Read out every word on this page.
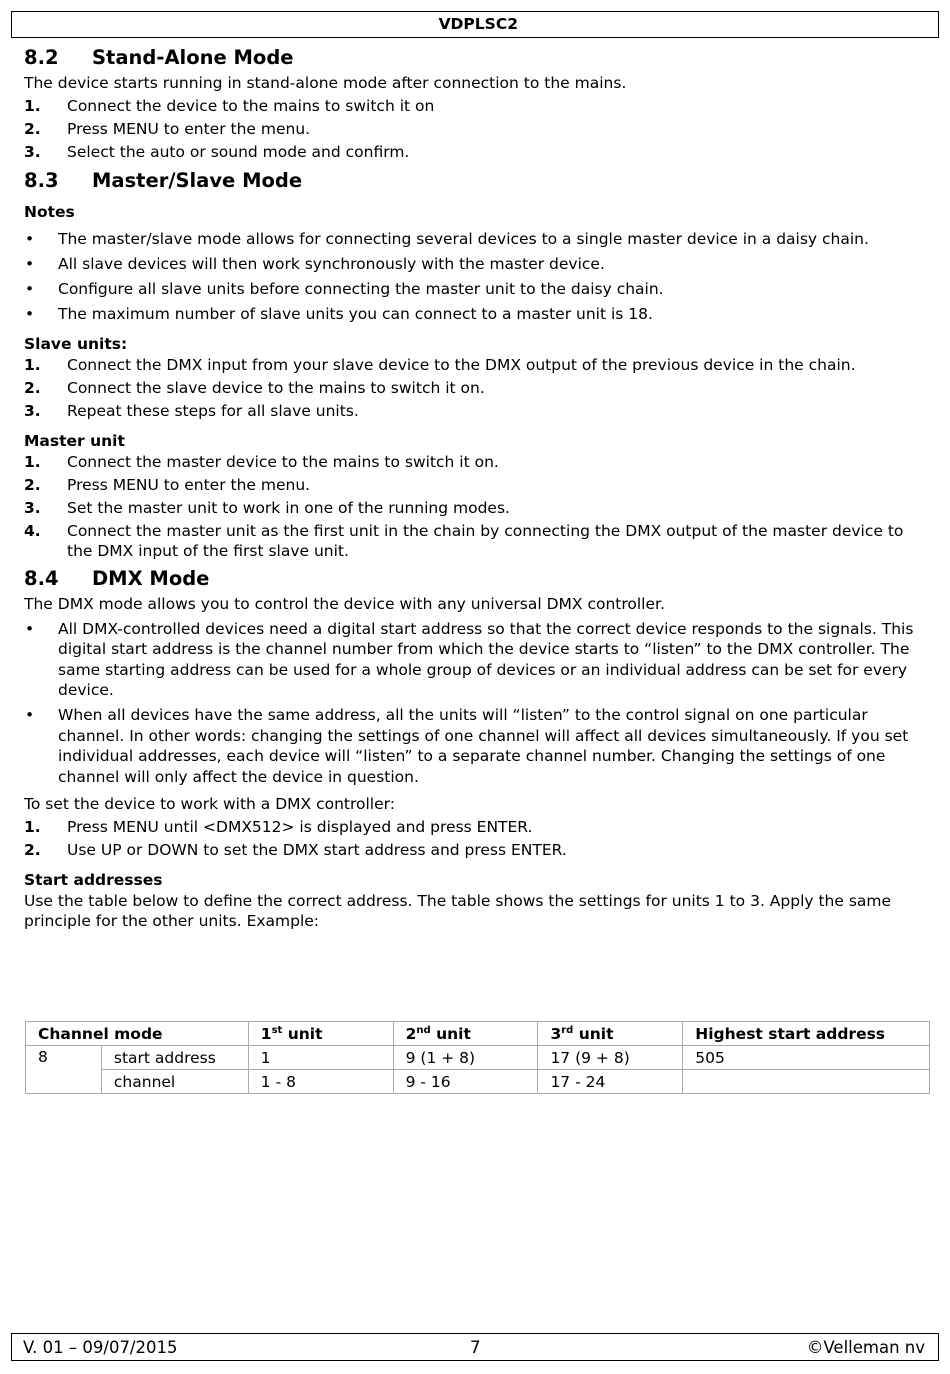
VDPLSC2
8.2	Stand-Alone Mode

The device starts running in stand-alone mode after connection to the mains.

1.	Connect the device to the mains to switch it on
2.	Press MENU to enter the menu.
3.	Select the auto or sound mode and confirm.
8.3	Master/Slave Mode
Notes
•	The master/slave mode allows for connecting several devices to a single master device in a daisy chain.
•	All slave devices will then work synchronously with the master device.
•	Configure all slave units before connecting the master unit to the daisy chain.
•	The maximum number of slave units you can connect to a master unit is 18.
Slave units:
1.	Connect the DMX input from your slave device to the DMX output of the previous device in the chain.
2.	Connect the slave device to the mains to switch it on.
3.	Repeat these steps for all slave units.
Master unit
1.	Connect the master device to the mains to switch it on.
2.	Press MENU to enter the menu.
3.	Set the master unit to work in one of the running modes.
4.	Connect the master unit as the first unit in the chain by connecting the DMX output of the master device to the DMX input of the first slave unit.
8.4	DMX Mode

The DMX mode allows you to control the device with any universal DMX controller.

•	All DMX-controlled devices need a digital start address so that the correct device responds to the signals. This digital start address is the channel number from which the device starts to “listen” to the DMX controller. The same starting address can be used for a whole group of devices or an individual address can be set for every device.
•	When all devices have the same address, all the units will “listen” to the control signal on one particular channel. In other words: changing the settings of one channel will affect all devices simultaneously. If you set individual addresses, each device will “listen” to a separate channel number. Changing the settings of one channel will only affect the device in question.

To set the device to work with a DMX controller:

1.	Press MENU until <DMX512> is displayed and press ENTER.
2.	Use UP or DOWN to set the DMX start address and press ENTER.
Start addresses

Use the table below to define the correct address. The table shows the settings for units 1 to 3. Apply the same principle for the other units. Example:

Channel mode		1st unit	2nd unit	3rd unit	Highest start address
8	start address	1	9 (1 + 8)	17 (9 + 8)	505
	channel	1 - 8	9 - 16	17 - 24	
V. 01 – 09/07/2015	7	©Velleman nv
